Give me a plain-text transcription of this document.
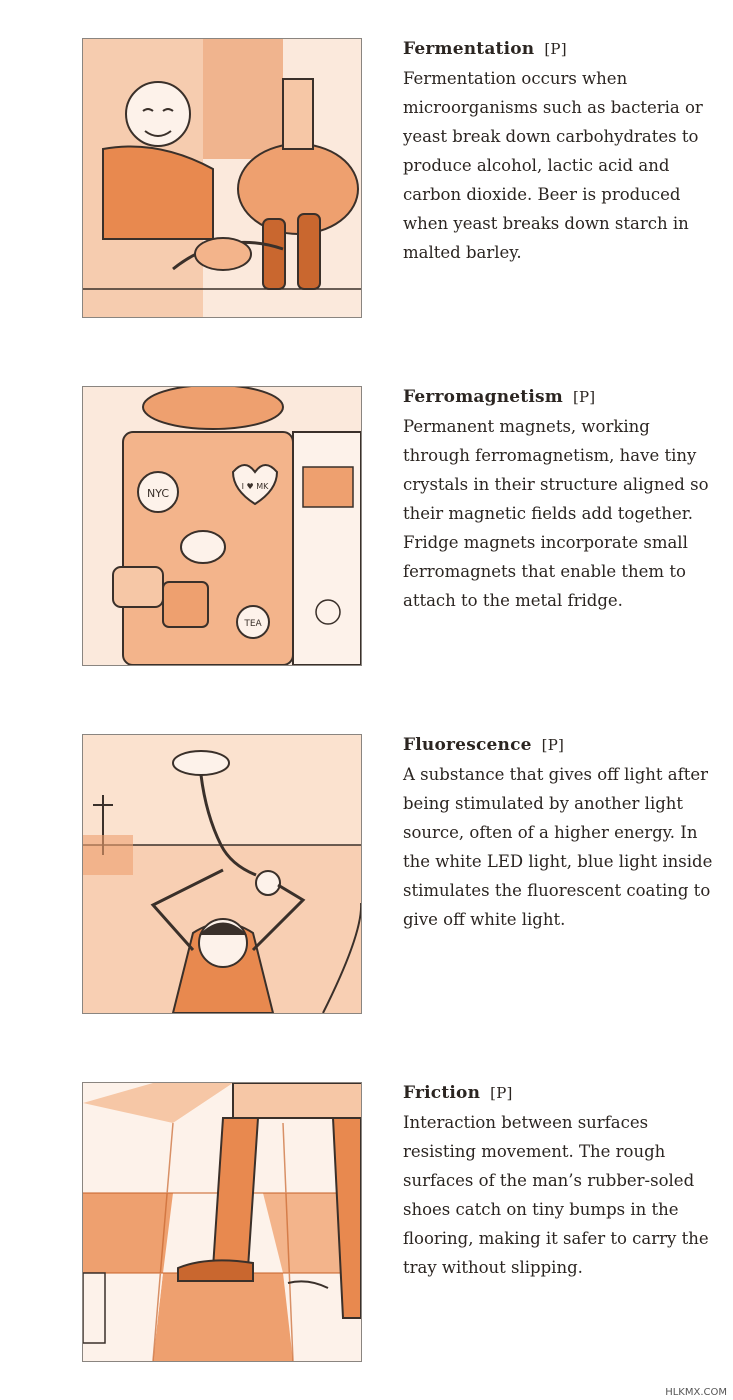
Fermentation [P]

Fermentation occurs when microorganisms such as bacteria or yeast break down carbohydrates to produce alcohol, lactic acid and carbon dioxide. Beer is produced when yeast breaks down starch in malted barley.

NYC
I ♥ MK
TEA

Ferromagnetism [P]

Permanent magnets, working through ferromagnetism, have tiny crystals in their structure aligned so their magnetic fields add together. Fridge magnets incorporate small ferromagnets that enable them to attach to the metal fridge.

Fluorescence [P]

A substance that gives off light after being stimulated by another light source, often of a higher energy. In the white LED light, blue light inside stimulates the fluorescent coating to give off white light.

Friction [P]

Interaction between surfaces resisting movement. The rough surfaces of the man’s rubber-soled shoes catch on tiny bumps in the flooring, making it safer to carry the tray without slipping.

HLKMX.COM
